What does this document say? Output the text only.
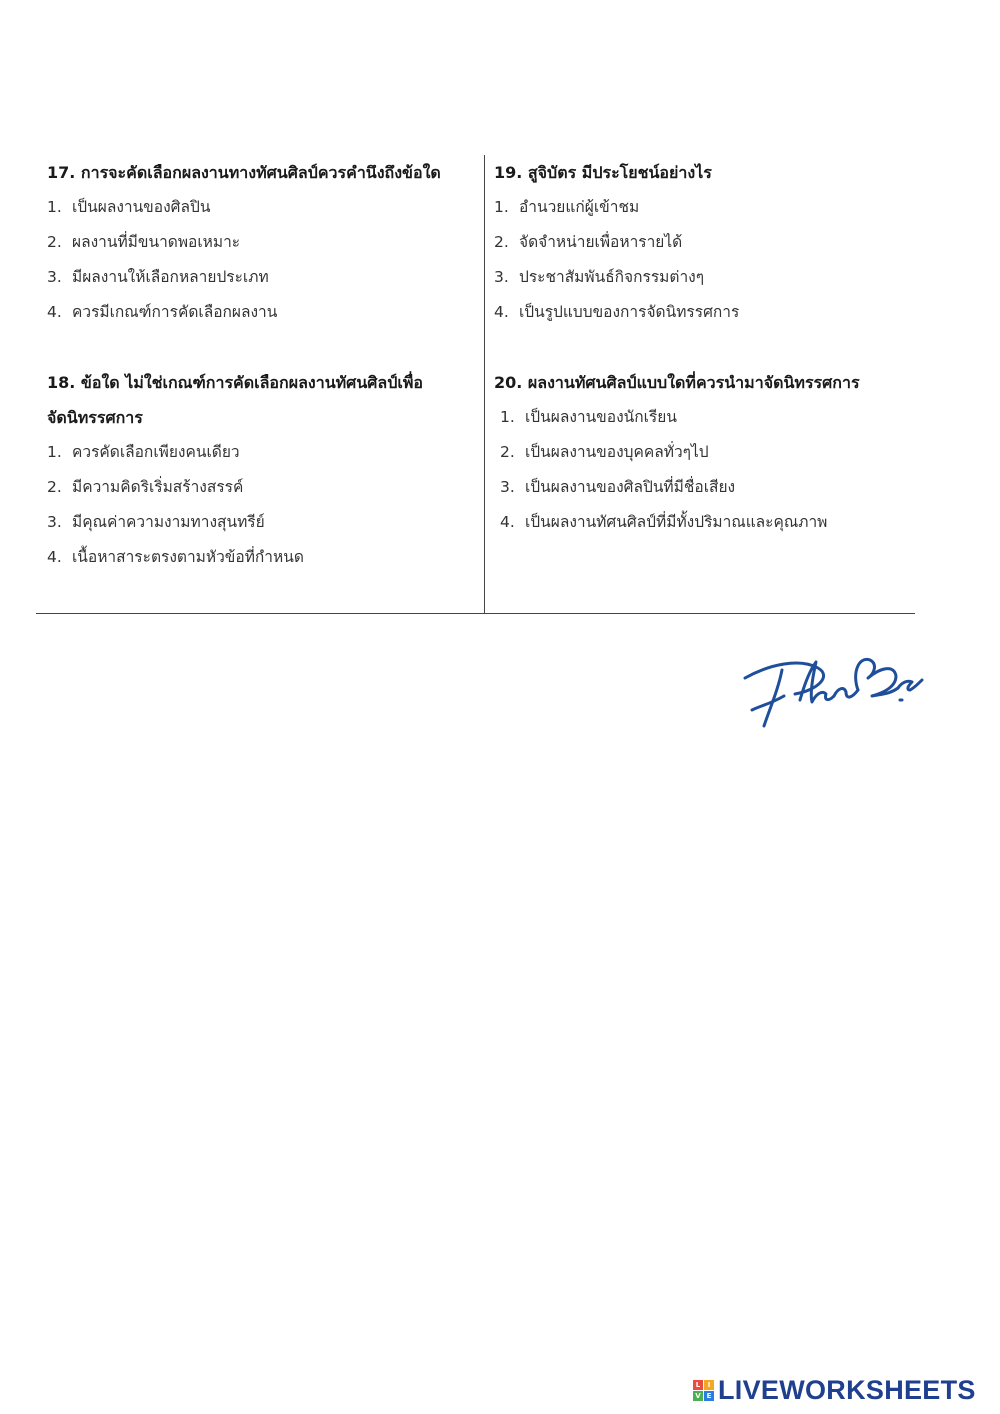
17. การจะคัดเลือกผลงานทางทัศนศิลป์ควรคำนึงถึงข้อใด
1. เป็นผลงานของศิลปิน
2. ผลงานที่มีขนาดพอเหมาะ
3. มีผลงานให้เลือกหลายประเภท
4. ควรมีเกณฑ์การคัดเลือกผลงาน
18. ข้อใด ไม่ใช่เกณฑ์การคัดเลือกผลงานทัศนศิลป์เพื่อ
จัดนิทรรศการ
1. ควรคัดเลือกเพียงคนเดียว
2. มีความคิดริเริ่มสร้างสรรค์
3. มีคุณค่าความงามทางสุนทรีย์
4. เนื้อหาสาระตรงตามหัวข้อที่กำหนด
19. สูจิบัตร มีประโยชน์อย่างไร
1. อำนวยแก่ผู้เข้าชม
2. จัดจำหน่ายเพื่อหารายได้
3. ประชาสัมพันธ์กิจกรรมต่างๆ
4. เป็นรูปแบบของการจัดนิทรรศการ
20. ผลงานทัศนศิลป์แบบใดที่ควรนำมาจัดนิทรรศการ
1. เป็นผลงานของนักเรียน
2. เป็นผลงานของบุคคลทั่วๆไป
3. เป็นผลงานของศิลปินที่มีชื่อเสียง
4. เป็นผลงานทัศนศิลป์ที่มีทั้งปริมาณและคุณภาพ
L	I
V E LIVEWORKSHEETS
